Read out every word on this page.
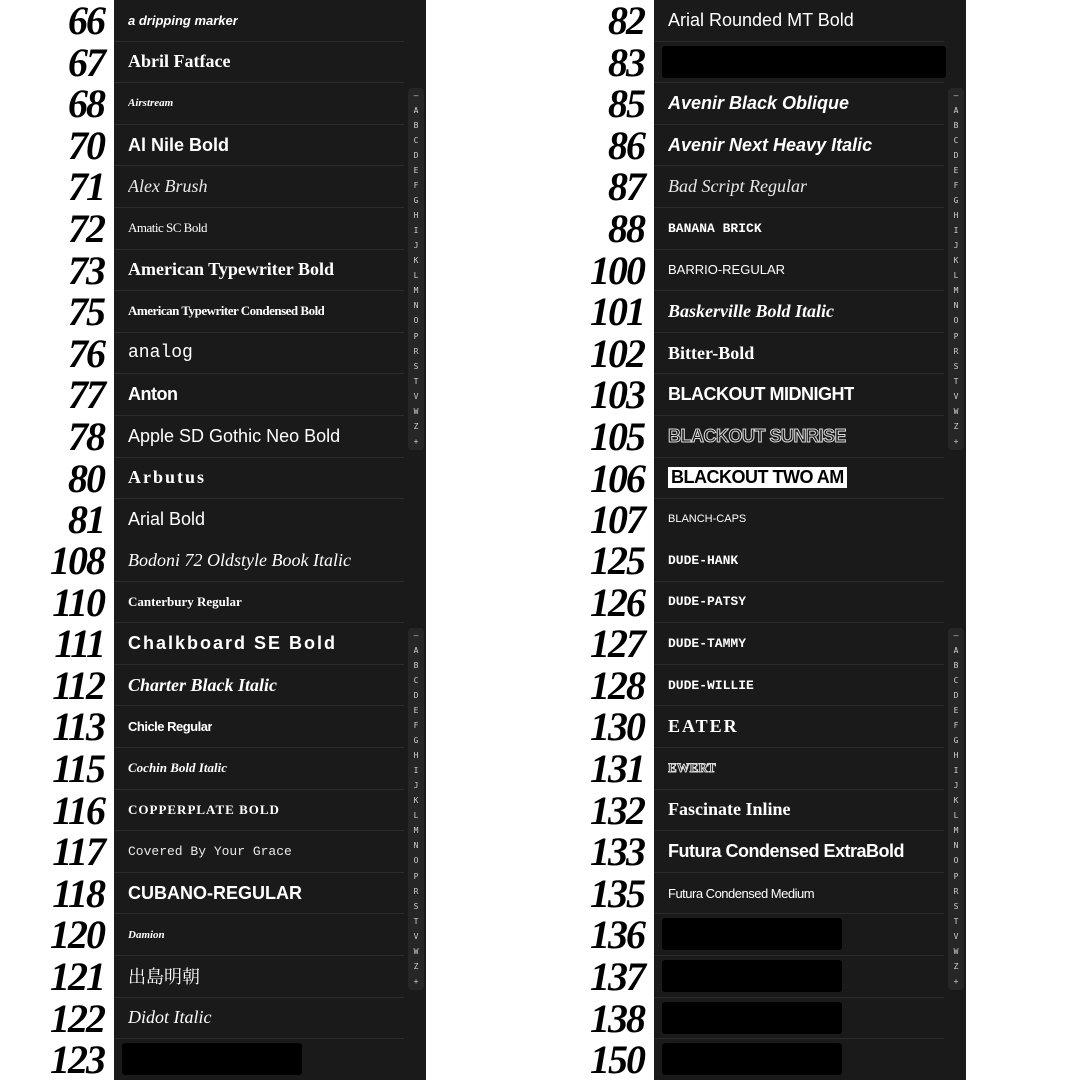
66
67
68
70
71
72
73
75
76
77
78
80
81
a dripping marker
Abril Fatface
Airstream
Al Nile Bold
Alex Brush
Amatic SC Bold
American Typewriter Bold
American Typewriter Condensed Bold
analog
Anton
Apple SD Gothic Neo Bold
Arbutus
Arial Bold
—
A
B
C
D
E
F
G
H
I
J
K
L
M
N
O
P
R
S
T
V
W
Z
+
82
83
85
86
87
88
100
101
102
103
105
106
107
Arial Rounded MT Bold
Avenir Black Oblique
Avenir Next Heavy Italic
Bad Script Regular
BANANA BRICK
BARRIO-REGULAR
Baskerville Bold Italic
Bitter-Bold
BLACKOUT MIDNIGHT
BLACKOUT SUNRISE
BLACKOUT TWO AM
BLANCH-CAPS
—
A
B
C
D
E
F
G
H
I
J
K
L
M
N
O
P
R
S
T
V
W
Z
+
108
110
111
112
113
115
116
117
118
120
121
122
123
Bodoni 72 Oldstyle Book Italic
Canterbury Regular
Chalkboard SE Bold
Charter Black Italic
Chicle Regular
Cochin Bold Italic
COPPERPLATE BOLD
Covered By Your Grace
CUBANO-REGULAR
Damion
出島明朝
Didot Italic
—
A
B
C
D
E
F
G
H
I
J
K
L
M
N
O
P
R
S
T
V
W
Z
+
125
126
127
128
130
131
132
133
135
136
137
138
150
DUDE-HANK
DUDE-PATSY
DUDE-TAMMY
DUDE-WILLIE
EATER
EWERT
Fascinate Inline
Futura Condensed ExtraBold
Futura Condensed Medium
—
A
B
C
D
E
F
G
H
I
J
K
L
M
N
O
P
R
S
T
V
W
Z
+
